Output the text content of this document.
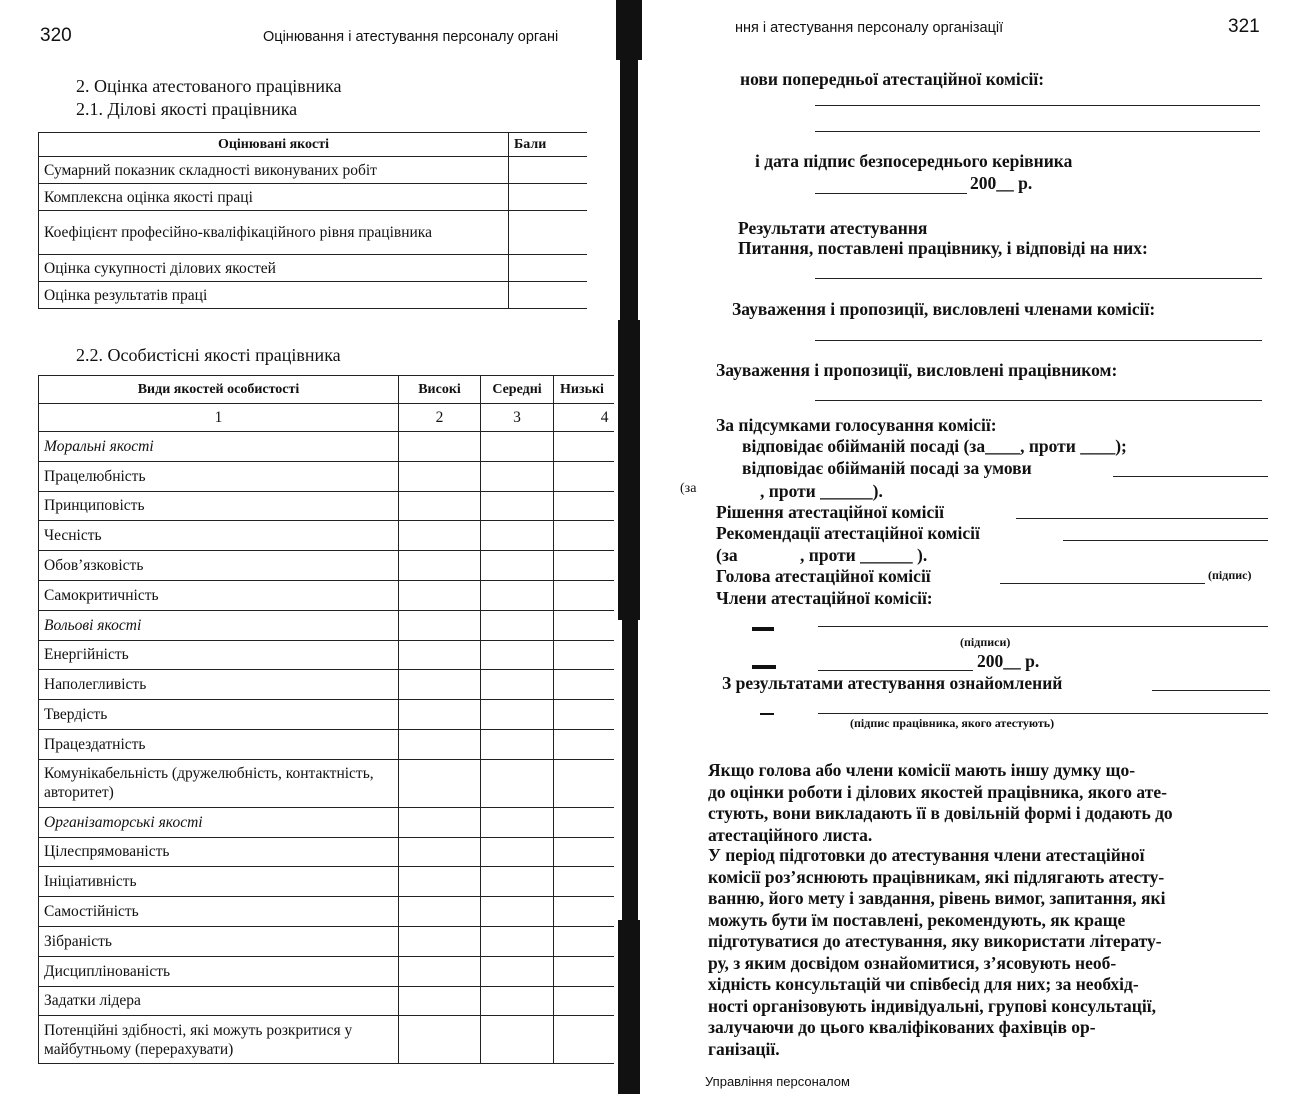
320	Оцінювання і атестування персоналу органі
2. Оцінка атестованого працівника
2.1. Ділові якості працівника
Оцінювані якості	Бали
Сумарний показник складності виконуваних робіт	
Комплексна оцінка якості праці	
Коефіцієнт професійно-кваліфікаційного рівня працівника	
Оцінка сукупності ділових якостей	
Оцінка результатів праці	
2.2. Особистісні якості працівника
Види якостей особистості	Високі	Середні	Низькі
1	2	3	4
Моральні якості			
Працелюбність			
Принциповість			
Чесність			
Обов’язковість			
Самокритичність			
Вольові якості			
Енергійність			
Наполегливість			
Твердість			
Працездатність			
Комунікабельність (дружелюбність, контактність, авторитет)			
Організаторські якості			
Цілеспрямованість			
Ініціативність			
Самостійність			
Зібраність			
Дисциплінованість			
Задатки лідера			
Потенційні здібності, які можуть розкритися у майбутньому (перерахувати)			
ння і атестування персоналу організації	321
нови попередньої атестаційної комісії:
і дата підпис безпосереднього керівника
200__ р.
Результати атестування
Питання, поставлені працівнику, і відповіді на них:
Зауваження і пропозиції, висловлені членами комісії:
Зауваження і пропозиції, висловлені працівником:
За підсумками голосування комісії:
відповідає обійманій посаді (за____, проти ____);
відповідає обійманій посаді за умови
(за	, проти ______).
Рішення атестаційної комісії
Рекомендації атестаційної комісії
(за	, проти ______ ).
Голова атестаційної комісії	(підпис)
Члени атестаційної комісії:
(підписи)
200__ р.
З результатами атестування ознайомлений
(підпис працівника, якого атестують)
Якщо голова або члени комісії мають іншу думку що-
до оцінки роботи і ділових якостей працівника, якого ате-
стують, вони викладають її в довільній формі і додають до
атестаційного листа.
У період підготовки до атестування члени атестаційної
комісії роз’яснюють працівникам, які підлягають атесту-
ванню, його мету і завдання, рівень вимог, запитання, які
можуть бути їм поставлені, рекомендують, як краще
підготуватися до атестування, яку використати літерату-
ру, з яким досвідом ознайомитися, з’ясовують необ-
хідність консультацій чи співбесід для них; за необхід-
ності організовують індивідуальні, групові консультації,
залучаючи до цього кваліфікованих фахівців ор-
ганізації.
Управління персоналом
